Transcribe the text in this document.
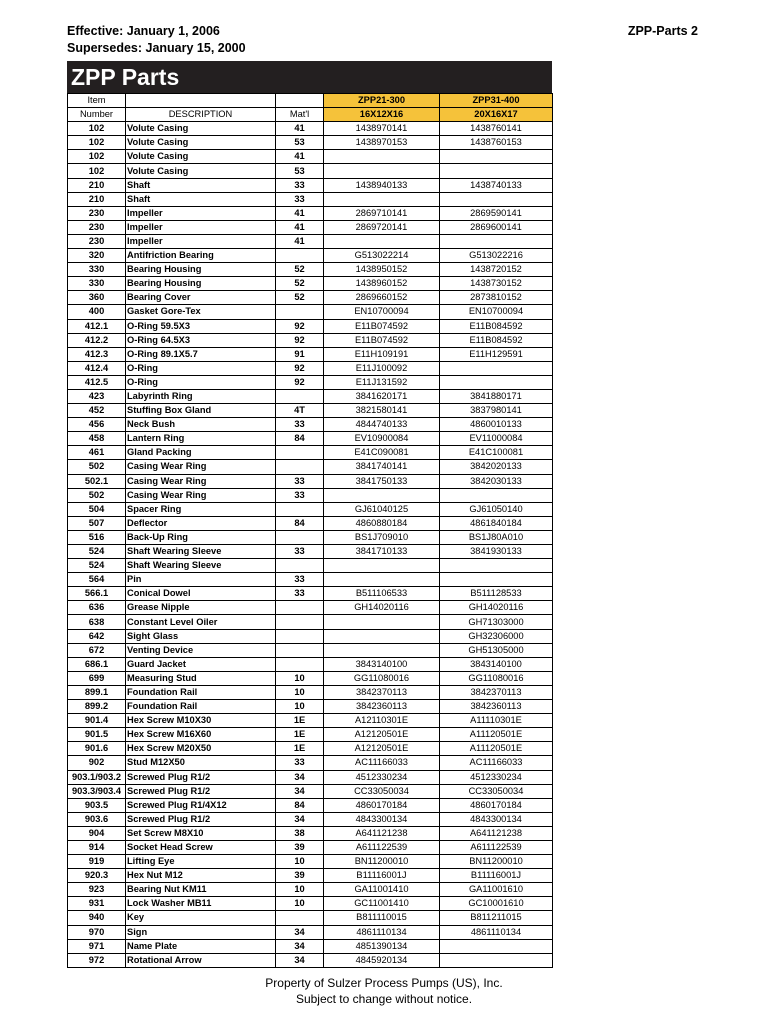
Effective: January 1, 2006
Supersedes: January 15, 2000
ZPP-Parts 2
ZPP Parts
Item			ZPP21-300	ZPP31-400
Number	DESCRIPTION	Mat'l	16X12X16	20X16X17
102	Volute Casing	41	1438970141	1438760141
102	Volute Casing	53	1438970153	1438760153
102	Volute Casing	41		
102	Volute Casing	53		
210	Shaft	33	1438940133	1438740133
210	Shaft	33		
230	Impeller	41	2869710141	2869590141
230	Impeller	41	2869720141	2869600141
230	Impeller	41		
320	Antifriction Bearing		G513022214	G513022216
330	Bearing Housing	52	1438950152	1438720152
330	Bearing Housing	52	1438960152	1438730152
360	Bearing Cover	52	2869660152	2873810152
400	Gasket Gore-Tex		EN10700094	EN10700094
412.1	O-Ring 59.5X3	92	E11B074592	E11B084592
412.2	O-Ring 64.5X3	92	E11B074592	E11B084592
412.3	O-Ring 89.1X5.7	91	E11H109191	E11H129591
412.4	O-Ring	92	E11J100092	
412.5	O-Ring	92	E11J131592	
423	Labyrinth Ring		3841620171	3841880171
452	Stuffing Box Gland	4T	3821580141	3837980141
456	Neck Bush	33	4844740133	4860010133
458	Lantern Ring	84	EV10900084	EV11000084
461	Gland Packing		E41C090081	E41C100081
502	Casing Wear Ring		3841740141	3842020133
502.1	Casing Wear Ring	33	3841750133	3842030133
502	Casing Wear Ring	33		
504	Spacer Ring		GJ61040125	GJ61050140
507	Deflector	84	4860880184	4861840184
516	Back-Up Ring		BS1J709010	BS1J80A010
524	Shaft Wearing Sleeve	33	3841710133	3841930133
524	Shaft Wearing Sleeve			
564	Pin	33		
566.1	Conical Dowel	33	B511106533	B511128533
636	Grease Nipple		GH14020116	GH14020116
638	Constant Level Oiler			GH71303000
642	Sight Glass			GH32306000
672	Venting Device			GH51305000
686.1	Guard Jacket		3843140100	3843140100
699	Measuring Stud	10	GG11080016	GG11080016
899.1	Foundation Rail	10	3842370113	3842370113
899.2	Foundation Rail	10	3842360113	3842360113
901.4	Hex Screw M10X30	1E	A12110301E	A11110301E
901.5	Hex Screw M16X60	1E	A12120501E	A11120501E
901.6	Hex Screw M20X50	1E	A12120501E	A11120501E
902	Stud M12X50	33	AC11166033	AC11166033
903.1/903.2	Screwed Plug R1/2	34	4512330234	4512330234
903.3/903.4	Screwed Plug R1/2	34	CC33050034	CC33050034
903.5	Screwed Plug R1/4X12	84	4860170184	4860170184
903.6	Screwed Plug R1/2	34	4843300134	4843300134
904	Set Screw M8X10	38	A641121238	A641121238
914	Socket Head Screw	39	A611122539	A611122539
919	Lifting Eye	10	BN11200010	BN11200010
920.3	Hex Nut M12	39	B11116001J	B11116001J
923	Bearing Nut KM11	10	GA11001410	GA11001610
931	Lock Washer MB11	10	GC11001410	GC10001610
940	Key		B811110015	B811211015
970	Sign	34	4861110134	4861110134
971	Name Plate	34	4851390134	
972	Rotational Arrow	34	4845920134	
Property of Sulzer Process Pumps (US), Inc.
Subject to change without notice.
